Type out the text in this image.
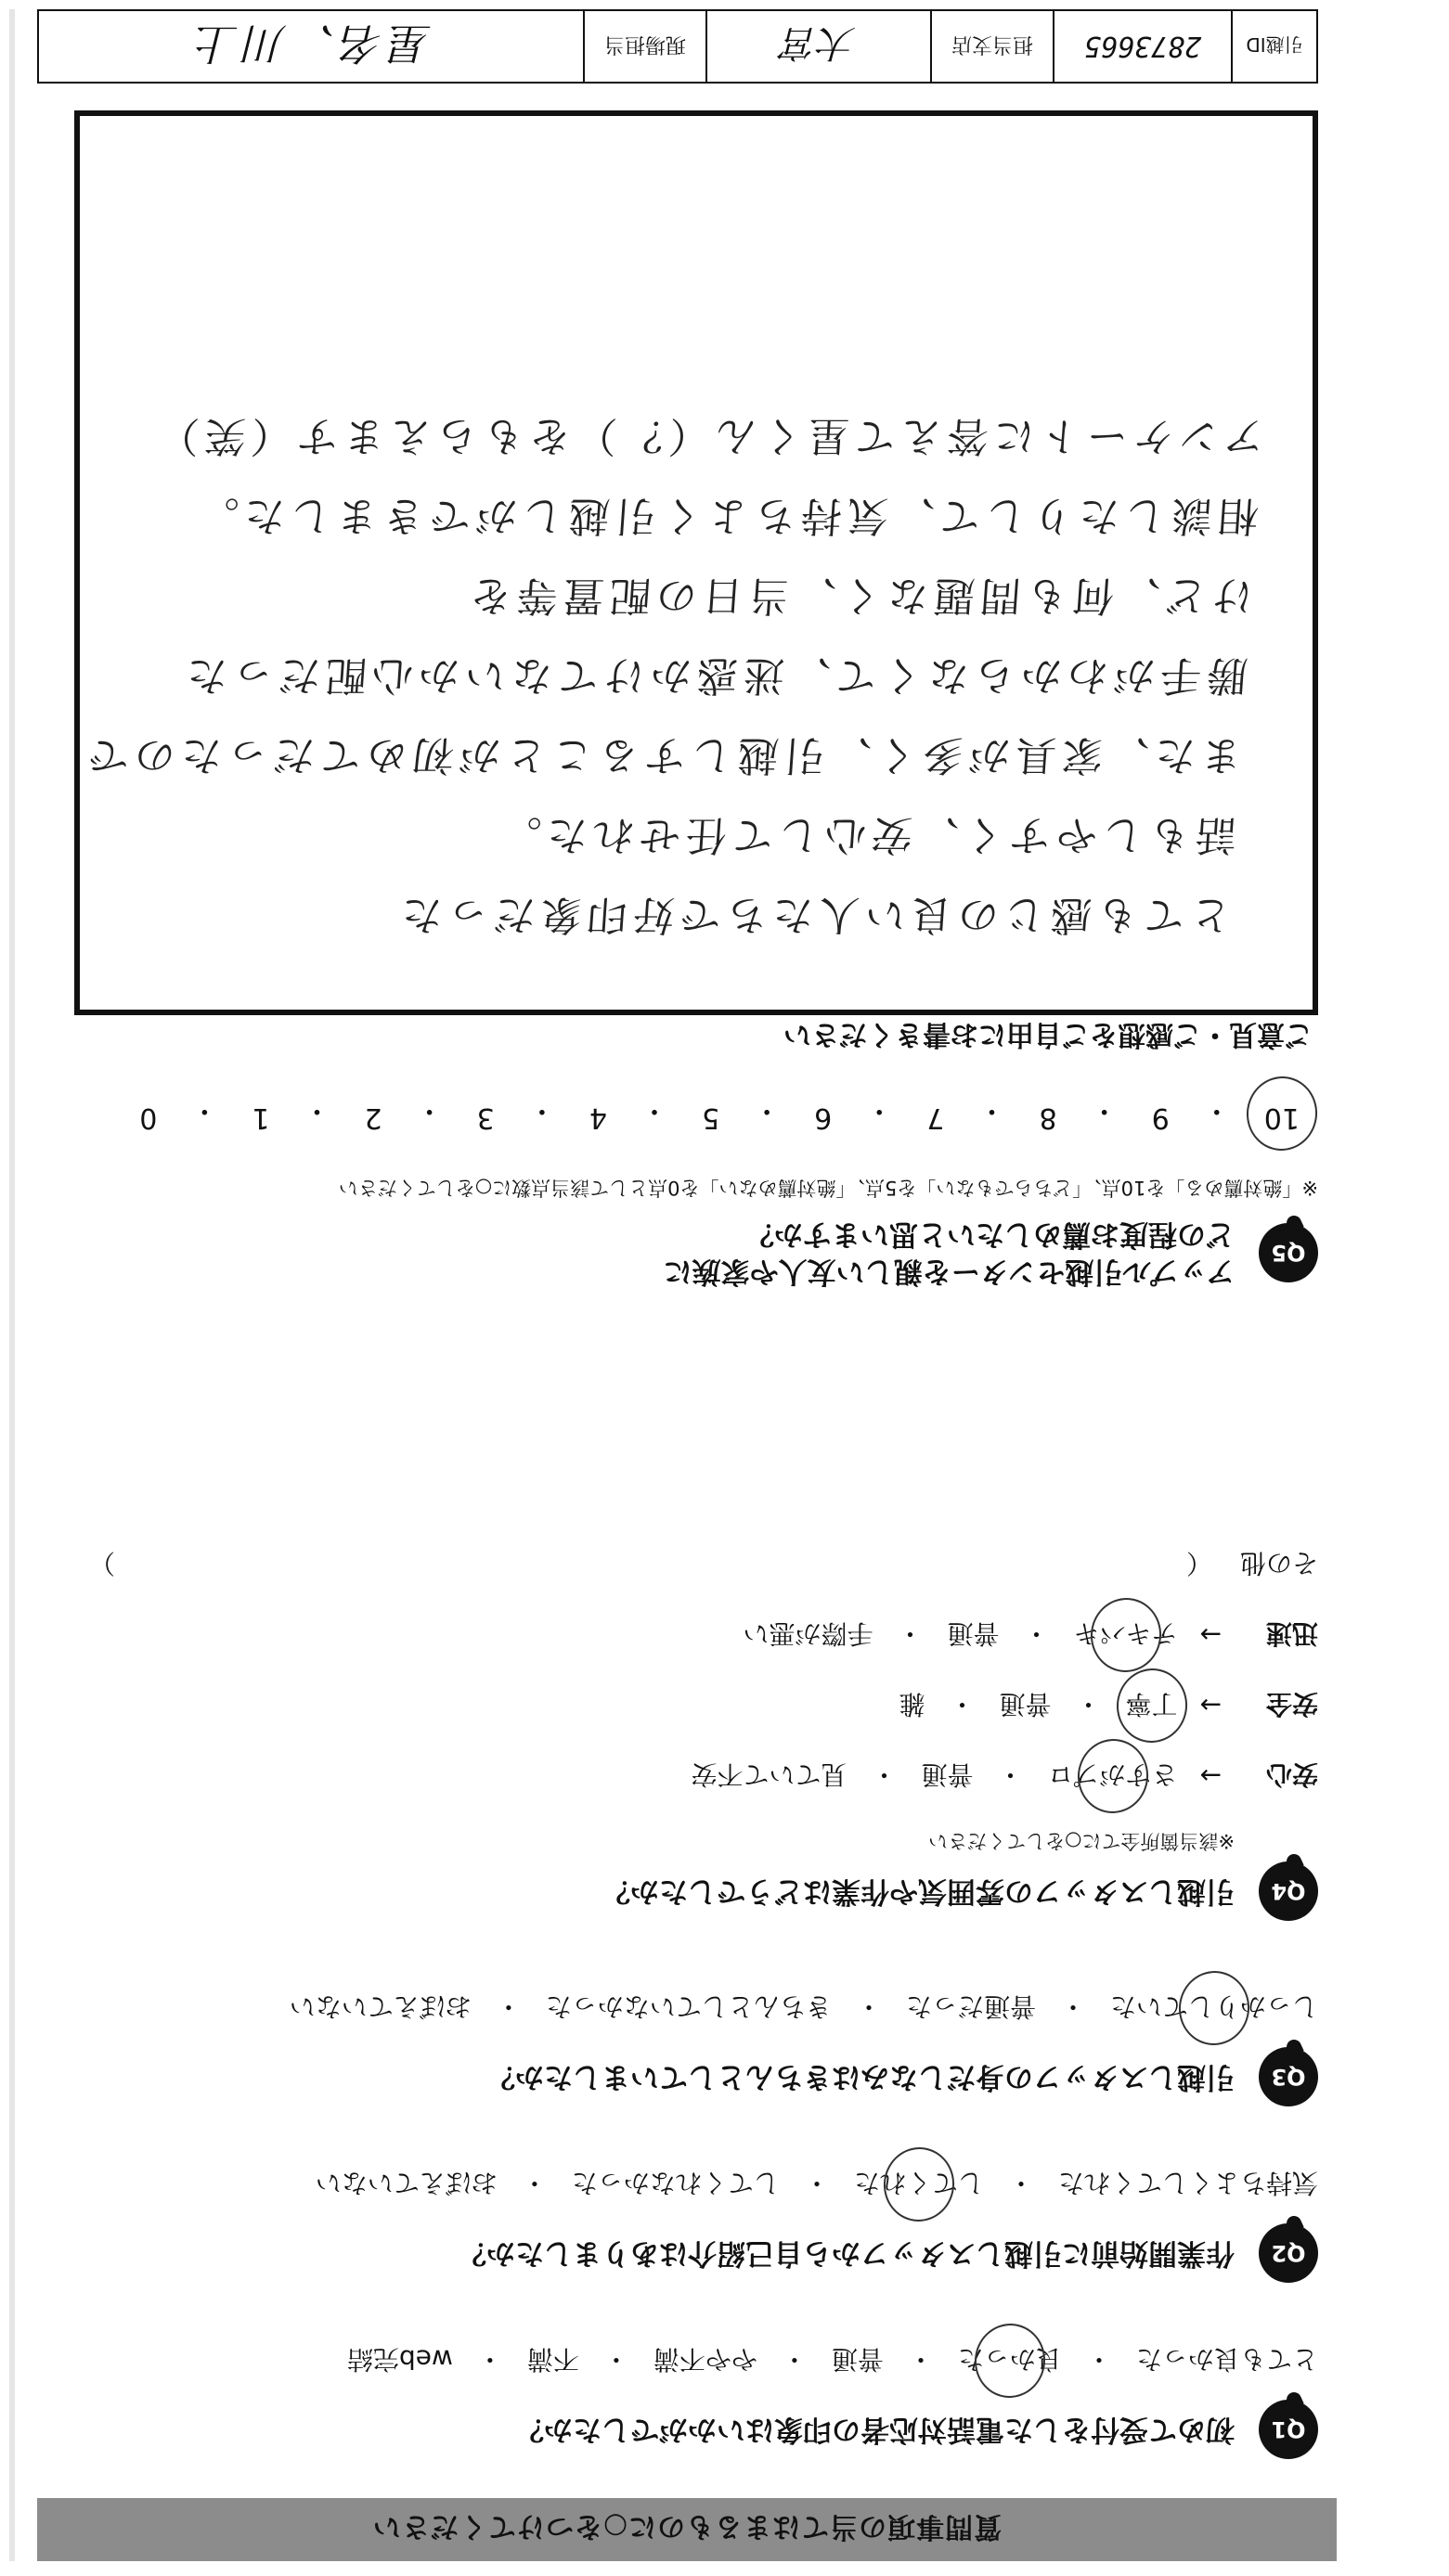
質問事項の当てはまるものに○をつけてください
Q1
初めて受付をした電話対応者の印象はいかがでしたか？
とても良かった
・
良かった
・
普通
・
やや不満
・
不満
・
web完結
Q2
作業開始前に引越しスタッフから自己紹介はありましたか？
気持ちよくしてくれた
・
してくれた
・
してくれなかった
・
おぼえていない
Q3
引越しスタッフの身だしなみはきちんとしていましたか？
しっかりしていた
・
普通だった
・
きちんとしていなかった
・
おぼえていない
Q4
引越しスタッフの雰囲気や作業はどうでしたか？
※該当箇所全てに○をしてください
安心
→
さすがプロ
・
普通
・
見ていて不安
安全
→
丁寧
・
普通
・
雑
迅速
→
テキパキ
・
普通
・
手際が悪い
その他
（
）
Q5
アップル引越センターを親しい友人や家族に
どの程度お薦めしたいと思いますか？
※「絶対薦める」を10点、「どちらでもない」を5点、「絶対薦めない」を0点として該当点数に○をしてください
10
・
9
・
8
・
7
・
6
・
5
・
4
・
3
・
2
・
1
・
0
ご意見・ご感想をご自由にお書きください
とても感じの良い人たちで好印象だった
話もしやすく、安心して任せれた。
また、家具が多く、引越しすることが初めてだったので
勝手がわからなくて、迷惑かけてないか心配だった
けど、何も問題なく、当日の配置等を
相談したりして、気持ちよく引越しができました。
アンケートに答えて星くん（？）をもらえます（笑）
引越ID
2873665
担当支店
大宮
現場担当
星名、川上
